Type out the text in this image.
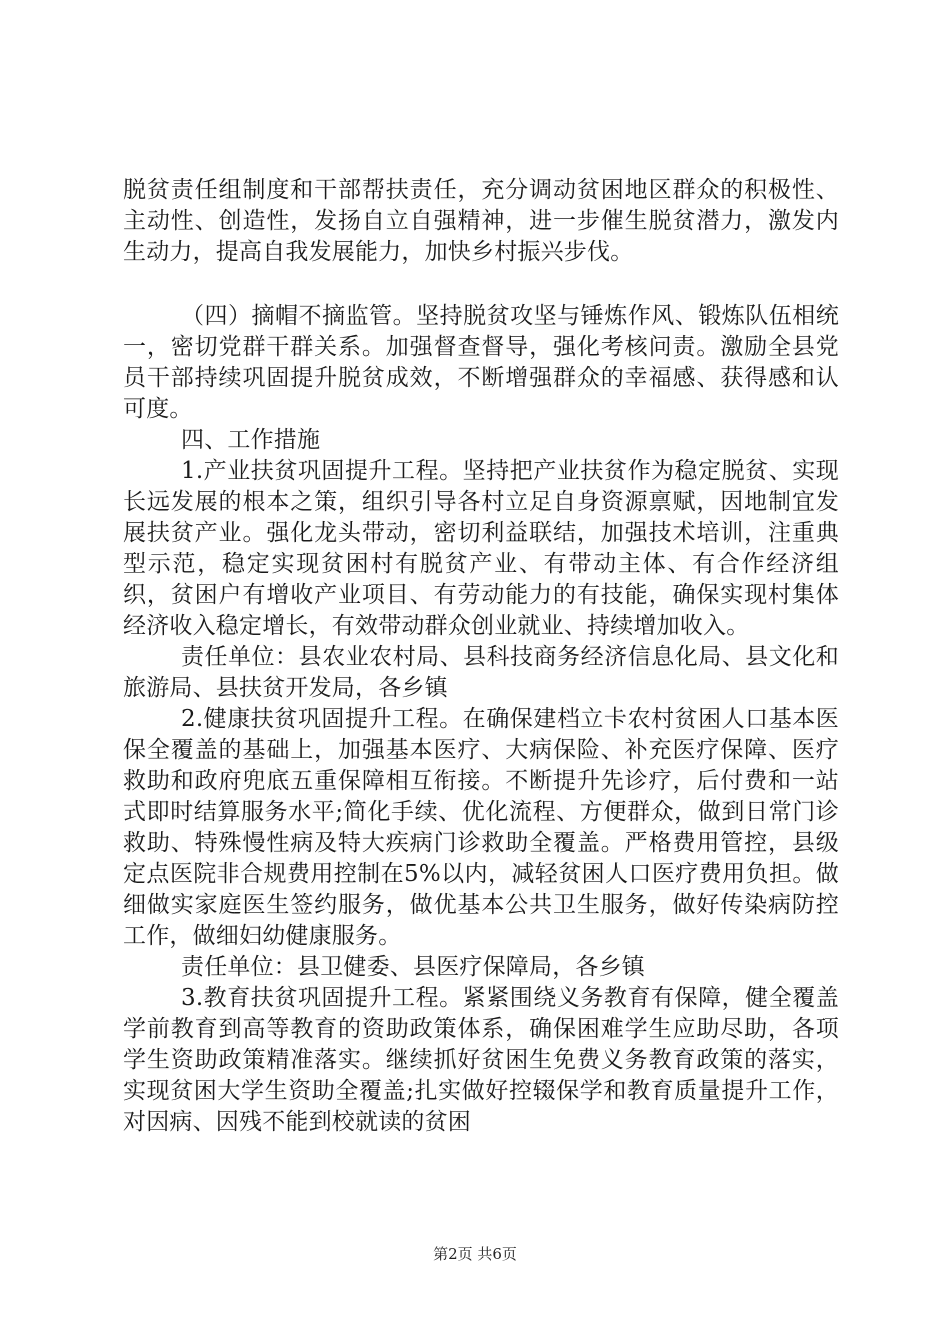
脱贫责任组制度和干部帮扶责任，充分调动贫困地区群众的积极性、主动性、创造性，发扬自立自强精神，进一步催生脱贫潜力，激发内生动力，提高自我发展能力，加快乡村振兴步伐。

（四）摘帽不摘监管。坚持脱贫攻坚与锤炼作风、锻炼队伍相统一，密切党群干群关系。加强督查督导，强化考核问责。激励全县党员干部持续巩固提升脱贫成效，不断增强群众的幸福感、获得感和认可度。

四、工作措施

1.产业扶贫巩固提升工程。坚持把产业扶贫作为稳定脱贫、实现长远发展的根本之策，组织引导各村立足自身资源禀赋，因地制宜发展扶贫产业。强化龙头带动，密切利益联结，加强技术培训，注重典型示范，稳定实现贫困村有脱贫产业、有带动主体、有合作经济组织，贫困户有增收产业项目、有劳动能力的有技能，确保实现村集体经济收入稳定增长，有效带动群众创业就业、持续增加收入。

责任单位：县农业农村局、县科技商务经济信息化局、县文化和旅游局、县扶贫开发局，各乡镇

2.健康扶贫巩固提升工程。在确保建档立卡农村贫困人口基本医保全覆盖的基础上，加强基本医疗、大病保险、补充医疗保障、医疗救助和政府兜底五重保障相互衔接。不断提升先诊疗，后付费和一站式即时结算服务水平;简化手续、优化流程、方便群众，做到日常门诊救助、特殊慢性病及特大疾病门诊救助全覆盖。严格费用管控，县级定点医院非合规费用控制在5%以内，减轻贫困人口医疗费用负担。做细做实家庭医生签约服务，做优基本公共卫生服务，做好传染病防控工作，做细妇幼健康服务。

责任单位：县卫健委、县医疗保障局，各乡镇

3.教育扶贫巩固提升工程。紧紧围绕义务教育有保障，健全覆盖学前教育到高等教育的资助政策体系，确保困难学生应助尽助，各项学生资助政策精准落实。继续抓好贫困生免费义务教育政策的落实，实现贫困大学生资助全覆盖;扎实做好控辍保学和教育质量提升工作，对因病、因残不能到校就读的贫困

第2页 共6页
